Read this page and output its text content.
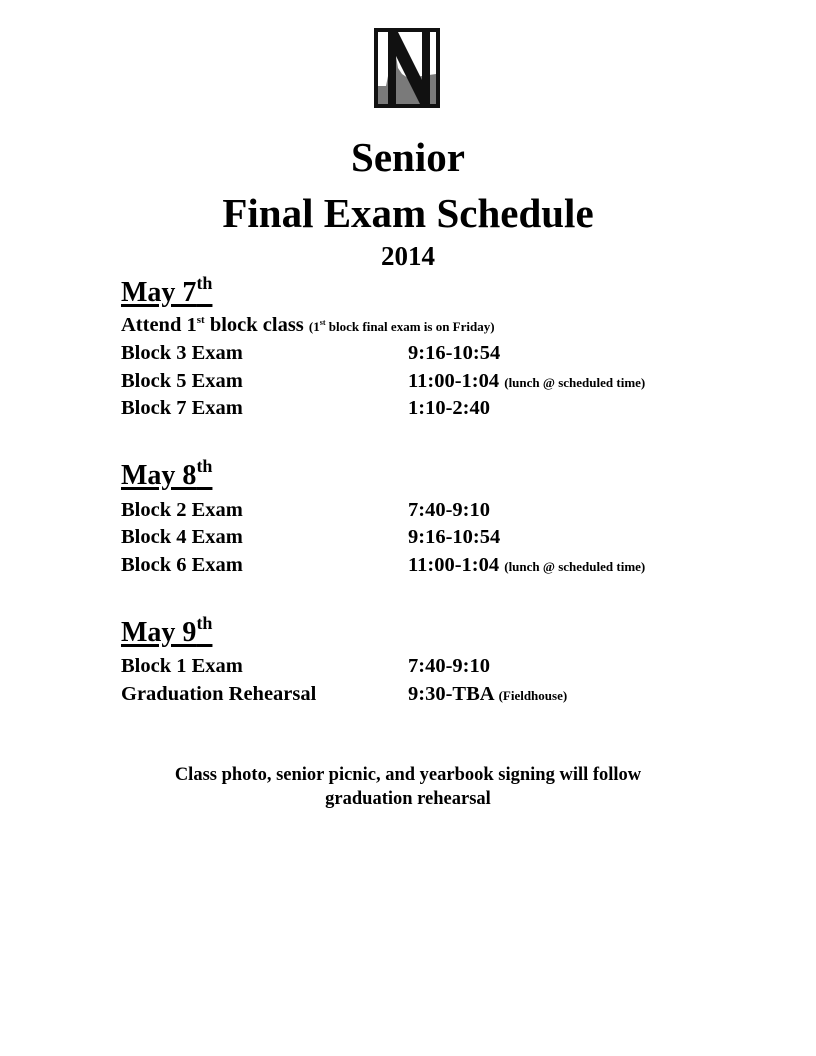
Senior
Final Exam Schedule
2014
May 7th
Attend 1st block class (1st block final exam is on Friday)
Block 3 Exam	9:16-10:54
Block 5 Exam	11:00-1:04 (lunch @ scheduled time)
Block 7 Exam	1:10-2:40
May 8th
Block 2 Exam	7:40-9:10
Block 4 Exam	9:16-10:54
Block 6 Exam	11:00-1:04 (lunch @ scheduled time)
May 9th
Block 1 Exam	7:40-9:10
Graduation Rehearsal	9:30-TBA (Fieldhouse)
Class photo, senior picnic, and yearbook signing will follow
graduation rehearsal
